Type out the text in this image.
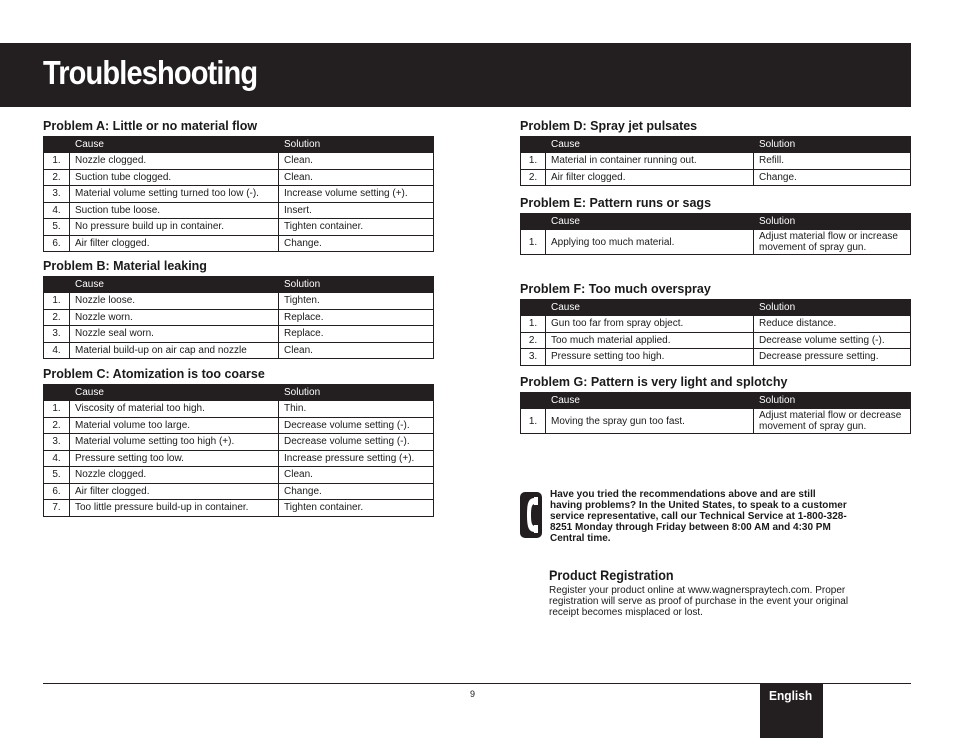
Troubleshooting
Problem A: Little or no material flow
	Cause	Solution
1.	Nozzle clogged.	Clean.
2.	Suction tube clogged.	Clean.
3.	Material volume setting turned too low (-).	Increase volume setting (+).
4.	Suction tube loose.	Insert.
5.	No pressure build up in container.	Tighten container.
6.	Air filter clogged.	Change.
Problem B: Material leaking
	Cause	Solution
1.	Nozzle loose.	Tighten.
2.	Nozzle worn.	Replace.
3.	Nozzle seal worn.	Replace.
4.	Material build-up on air cap and nozzle	Clean.
Problem C: Atomization is too coarse
	Cause	Solution
1.	Viscosity of material too high.	Thin.
2.	Material volume too large.	Decrease volume setting (-).
3.	Material volume setting too high (+).	Decrease volume setting (-).
4.	Pressure setting too low.	Increase pressure setting (+).
5.	Nozzle clogged.	Clean.
6.	Air filter clogged.	Change.
7.	Too little pressure build-up in container.	Tighten container.
Problem D: Spray jet pulsates
	Cause	Solution
1.	Material in container running out.	Refill.
2.	Air filter clogged.	Change.
Problem E: Pattern runs or sags
	Cause	Solution
1.	Applying too much material.	Adjust material flow or increase movement of spray gun.
Problem F: Too much overspray
	Cause	Solution
1.	Gun too far from spray object.	Reduce distance.
2.	Too much material applied.	Decrease volume setting (-).
3.	Pressure setting too high.	Decrease pressure setting.
Problem G: Pattern is very light and splotchy
	Cause	Solution
1.	Moving the spray gun too fast.	Adjust material flow or decrease movement of spray gun.

Have you tried the recommendations above and are still having problems? In the United States, to speak to a customer service representative, call our Technical Service at 1-800-328-8251 Monday through Friday between 8:00 AM and 4:30 PM Central time.

Product Registration

Register your product online at www.wagnerspraytech.com. Proper registration will serve as proof of purchase in the event your original receipt becomes misplaced or lost.

9	English
